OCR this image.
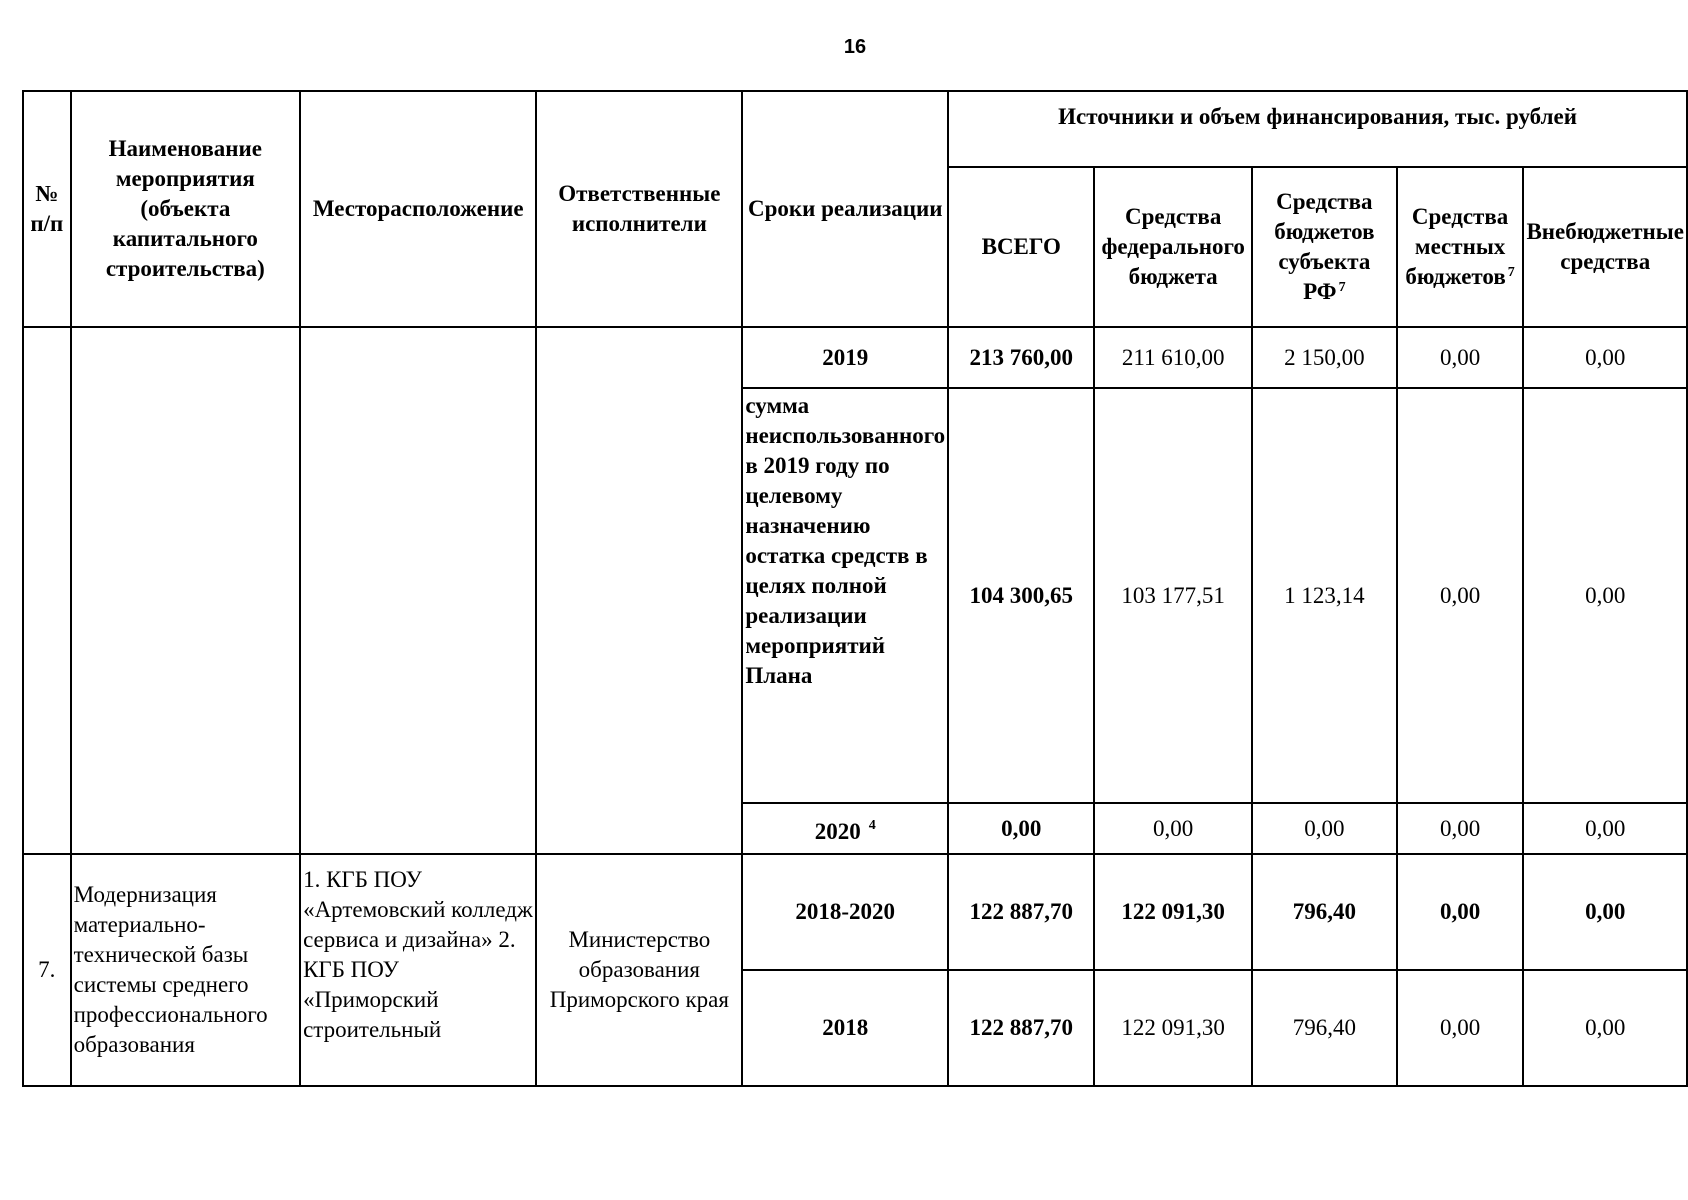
16
№ п/п	Наименование мероприятия (объекта капитального строительства)	Месторасположение	Ответственные исполнители	Сроки реализации	Источники и объем финансирования, тыс. рублей				
					ВСЕГО	Средства федерального бюджета	Средства бюджетов субъекта РФ $^7$	Средства местных бюджетов $^7$	Внебюджетные средства
				2019	213 760,00	211 610,00	2 150,00	0,00	0,00
				сумма неиспользованного в 2019 году по целевому назначению остатка средств в целях полной реализации мероприятий Плана	104 300,65	103 177,51	1 123,14	0,00	0,00
				2020 $^4$	0,00	0,00	0,00	0,00	0,00
7.	Модернизация материально-технической базы системы среднего профессионального образования	1. КГБ ПОУ «Артемовский колледж сервиса и дизайна» 2. КГБ ПОУ «Приморский строительный	Министерство образования Приморского края	2018-2020	122 887,70	122 091,30	796,40	0,00	0,00
				2018	122 887,70	122 091,30	796,40	0,00	0,00
